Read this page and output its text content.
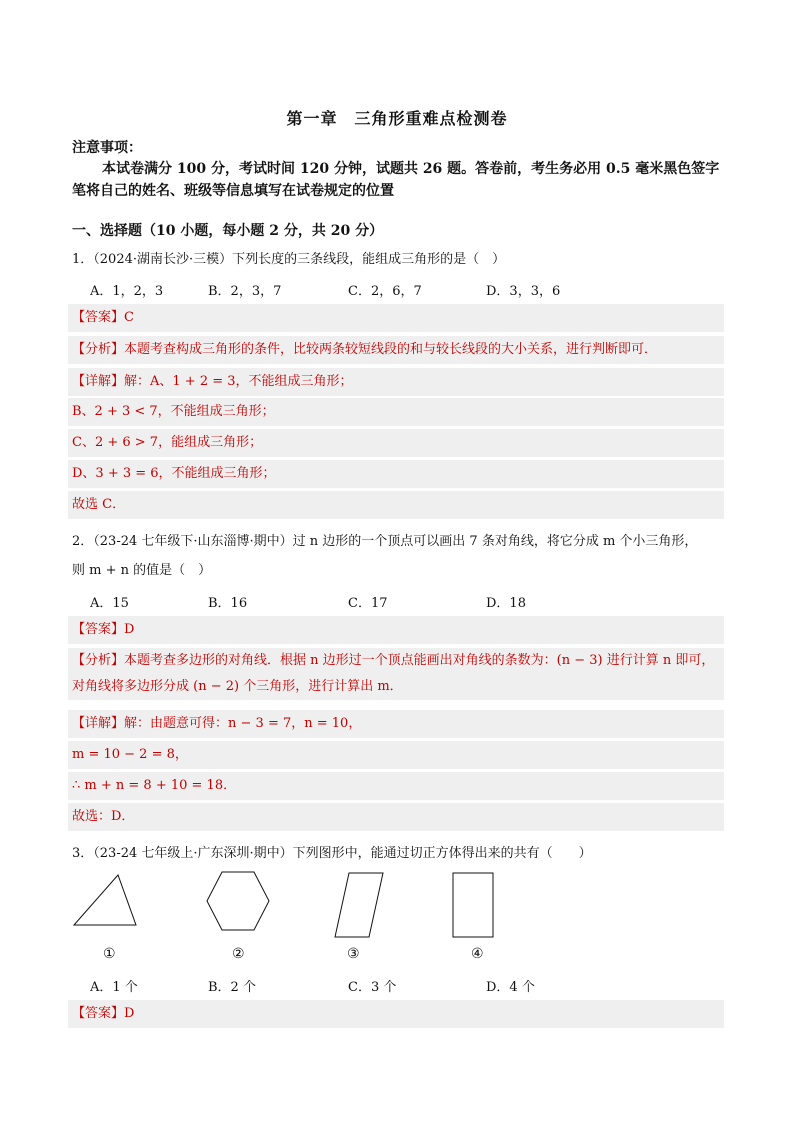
第一章　三角形重难点检测卷
注意事项：
本试卷满分 100 分，考试时间 120 分钟，试题共 26 题。答卷前，考生务必用 0.5 毫米黑色签字笔将自己的姓名、班级等信息填写在试卷规定的位置
一、选择题（10 小题，每小题 2 分，共 20 分）
1．（2024·湖南长沙·三模）下列长度的三条线段，能组成三角形的是（　）
A．1，2，3	B．2，3，7	C．2，6，7	D．3，3，6
【答案】C
【分析】本题考查构成三角形的条件，比较两条较短线段的和与较长线段的大小关系，进行判断即可．
【详解】解：A、1 + 2 = 3，不能组成三角形；
B、2 + 3 < 7，不能组成三角形；
C、2 + 6 > 7，能组成三角形；
D、3 + 3 = 6，不能组成三角形；
故选 C．
2．（23-24 七年级下·山东淄博·期中）过 n 边形的一个顶点可以画出 7 条对角线，将它分成 m 个小三角形，
则 m + n 的值是（　）
A．15	B．16	C．17	D．18
【答案】D
【分析】本题考查多边形的对角线．根据 n 边形过一个顶点能画出对角线的条数为：(n − 3) 进行计算 n 即可，
对角线将多边形分成 (n − 2) 个三角形，进行计算出 m．
【详解】解：由题意可得：n − 3 = 7，n = 10，
m = 10 − 2 = 8，
∴ m + n = 8 + 10 = 18．
故选：D．
3．（23-24 七年级上·广东深圳·期中）下列图形中，能通过切正方体得出来的共有（　　）
①	②	③	④
A．1 个	B．2 个	C．3 个	D．4 个
【答案】D
